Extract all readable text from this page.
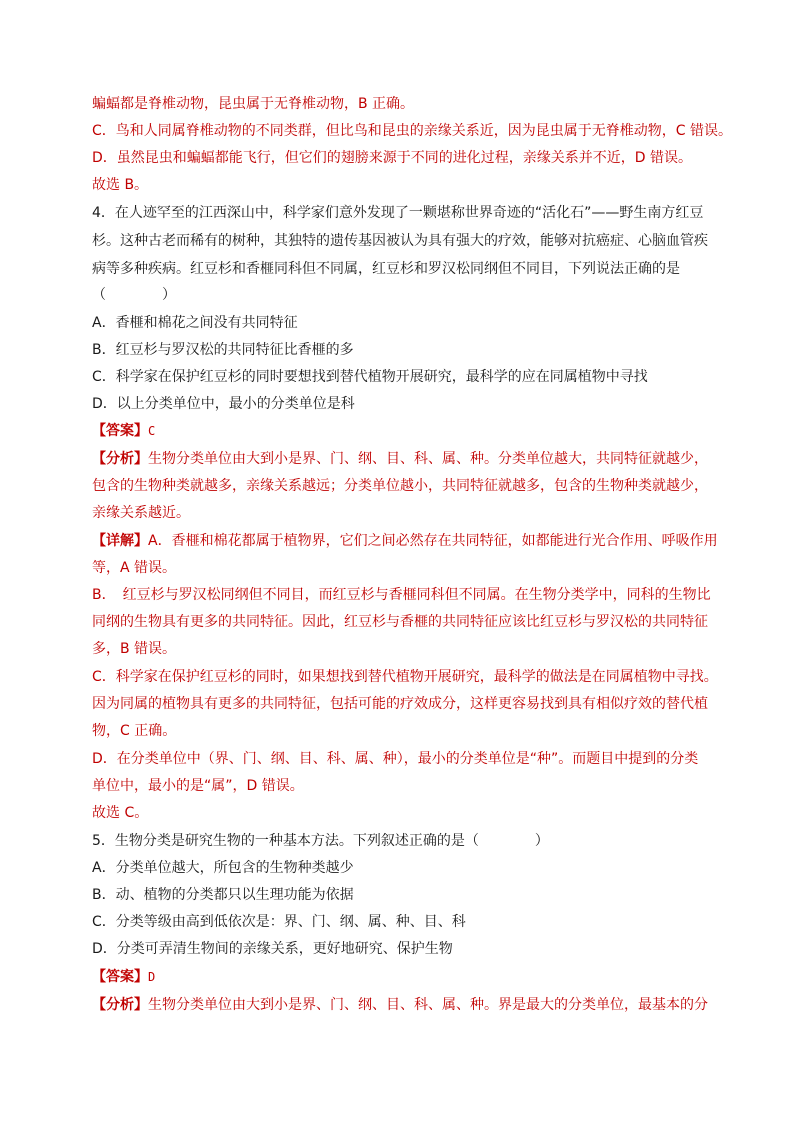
蝙蝠都是脊椎动物，昆虫属于无脊椎动物，B 正确。
C．鸟和人同属脊椎动物的不同类群，但比鸟和昆虫的亲缘关系近，因为昆虫属于无脊椎动物，C 错误。
D．虽然昆虫和蝙蝠都能飞行，但它们的翅膀来源于不同的进化过程，亲缘关系并不近，D 错误。
故选 B。
4．在人迹罕至的江西深山中，科学家们意外发现了一颗堪称世界奇迹的“活化石”——野生南方红豆
杉。这种古老而稀有的树种，其独特的遗传基因被认为具有强大的疗效，能够对抗癌症、心脑血管疾
病等多种疾病。红豆杉和香榧同科但不同属，红豆杉和罗汉松同纲但不同目，下列说法正确的是
（　　　　）
A．香榧和棉花之间没有共同特征
B．红豆杉与罗汉松的共同特征比香榧的多
C．科学家在保护红豆杉的同时要想找到替代植物开展研究，最科学的应在同属植物中寻找
D．以上分类单位中，最小的分类单位是科
【答案】C
【分析】生物分类单位由大到小是界、门、纲、目、科、属、种。分类单位越大，共同特征就越少，
包含的生物种类就越多，亲缘关系越远；分类单位越小，共同特征就越多，包含的生物种类就越少，
亲缘关系越近。
【详解】A．香榧和棉花都属于植物界，它们之间必然存在共同特征，如都能进行光合作用、呼吸作用
等，A 错误。
B．　红豆杉与罗汉松同纲但不同目，而红豆杉与香榧同科但不同属。在生物分类学中，同科的生物比
同纲的生物具有更多的共同特征。因此，红豆杉与香榧的共同特征应该比红豆杉与罗汉松的共同特征
多，B 错误。
C．科学家在保护红豆杉的同时，如果想找到替代植物开展研究，最科学的做法是在同属植物中寻找。
因为同属的植物具有更多的共同特征，包括可能的疗效成分，这样更容易找到具有相似疗效的替代植
物，C 正确。
D．在分类单位中（界、门、纲、目、科、属、种），最小的分类单位是“种”。而题目中提到的分类
单位中，最小的是“属”，D 错误。
故选 C。
5．生物分类是研究生物的一种基本方法。下列叙述正确的是（　　　　）
A．分类单位越大，所包含的生物种类越少
B．动、植物的分类都只以生理功能为依据
C．分类等级由高到低依次是：界、门、纲、属、种、目、科
D．分类可弄清生物间的亲缘关系，更好地研究、保护生物
【答案】D
【分析】生物分类单位由大到小是界、门、纲、目、科、属、种。界是最大的分类单位，最基本的分
